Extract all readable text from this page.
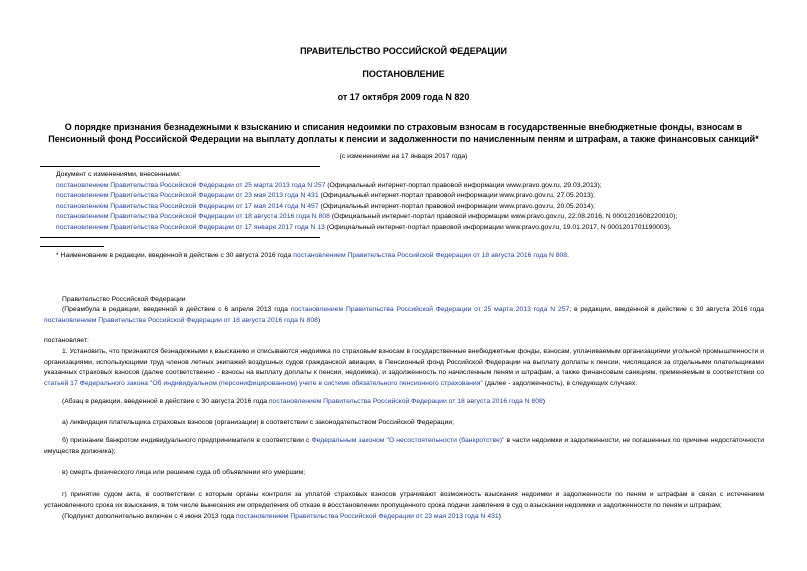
ПРАВИТЕЛЬСТВО РОССИЙСКОЙ ФЕДЕРАЦИИ
ПОСТАНОВЛЕНИЕ
от 17 октября 2009 года N 820
О порядке признания безнадежными к взысканию и списания недоимки по страховым взносам в государственные внебюджетные фонды, взносам в Пенсионный фонд Российской Федерации на выплату доплаты к пенсии и задолженности по начисленным пеням и штрафам, а также финансовых санкций*
(с изменениями на 17 января 2017 года)
Документ с изменениями, внесенными:
постановлением Правительства Российской Федерации от 25 марта 2013 года N 257 (Официальный интернет-портал правовой информации www.pravo.gov.ru, 29.03.2013);
постановлением Правительства Российской Федерации от 23 мая 2013 года N 431 (Официальный интернет-портал правовой информации www.pravo.gov.ru, 27.05.2013);
постановлением Правительства Российской Федерации от 17 мая 2014 года N 457 (Официальный интернет-портал правовой информации www.pravo.gov.ru, 20.05.2014);
постановлением Правительства Российской Федерации от 18 августа 2016 года N 808 (Официальный интернет-портал правовой информации www.pravo.gov.ru, 22.08.2016, N 0001201608220010);
постановлением Правительства Российской Федерации от 17 января 2017 года N 13 (Официальный интернет-портал правовой информации www.pravo.gov.ru, 19.01.2017, N 0001201701190003).
* Наименование в редакции, введенной в действие с 30 августа 2016 года постановлением Правительства Российской Федерации от 18 августа 2016 года N 808.
Правительство Российской Федерации
(Преамбула в редакции, введенной в действие с 6 апреля 2013 года постановлением Правительства Российской Федерации от 25 марта 2013 года N 257; в редакции, введенной в действие с 30 августа 2016 года постановлением Правительства Российской Федерации от 18 августа 2016 года N 808)
постановляет:
1. Установить, что признаются безнадежными к взысканию и списываются недоимка по страховым взносам в государственные внебюджетные фонды, взносам, уплачиваемым организациями угольной промышленности и организациями, использующими труд членов летных экипажей воздушных судов гражданской авиации, в Пенсионный фонд Российской Федерации на выплату доплаты к пенсии, числящаяся за отдельными плательщиками указанных страховых взносов (далее соответственно - взносы на выплату доплаты к пенсии, недоимка), и задолженность по начисленным пеням и штрафам, а также финансовым санкциям, применяемым в соответствии со статьей 17 Федерального закона "Об индивидуальном (персонифицированном) учете в системе обязательного пенсионного страхования" (далее - задолженность), в следующих случаях:
(Абзац в редакции, введенной в действие с 30 августа 2016 года постановлением Правительства Российской Федерации от 18 августа 2016 года N 808)
а) ликвидация плательщика страховых взносов (организации) в соответствии с законодательством Российской Федерации;
б) признание банкротом индивидуального предпринимателя в соответствии с Федеральным законом "О несостоятельности (банкротстве)" в части недоимки и задолженности, не погашенных по причине недостаточности имущества должника);
в) смерть физического лица или решение суда об объявлении его умершим;
г) принятие судом акта, в соответствии с которым органы контроля за уплатой страховых взносов утрачивают возможность взыскания недоимки и задолженности по пеням и штрафам в связи с истечением установленного срока их взыскания, в том числе вынесения им определения об отказе в восстановлении пропущенного срока подачи заявления в суд о взыскании недоимки и задолженности по пеням и штрафам;
(Подпункт дополнительно включен с 4 июня 2013 года постановлением Правительства Российской Федерации от 23 мая 2013 года N 431)
